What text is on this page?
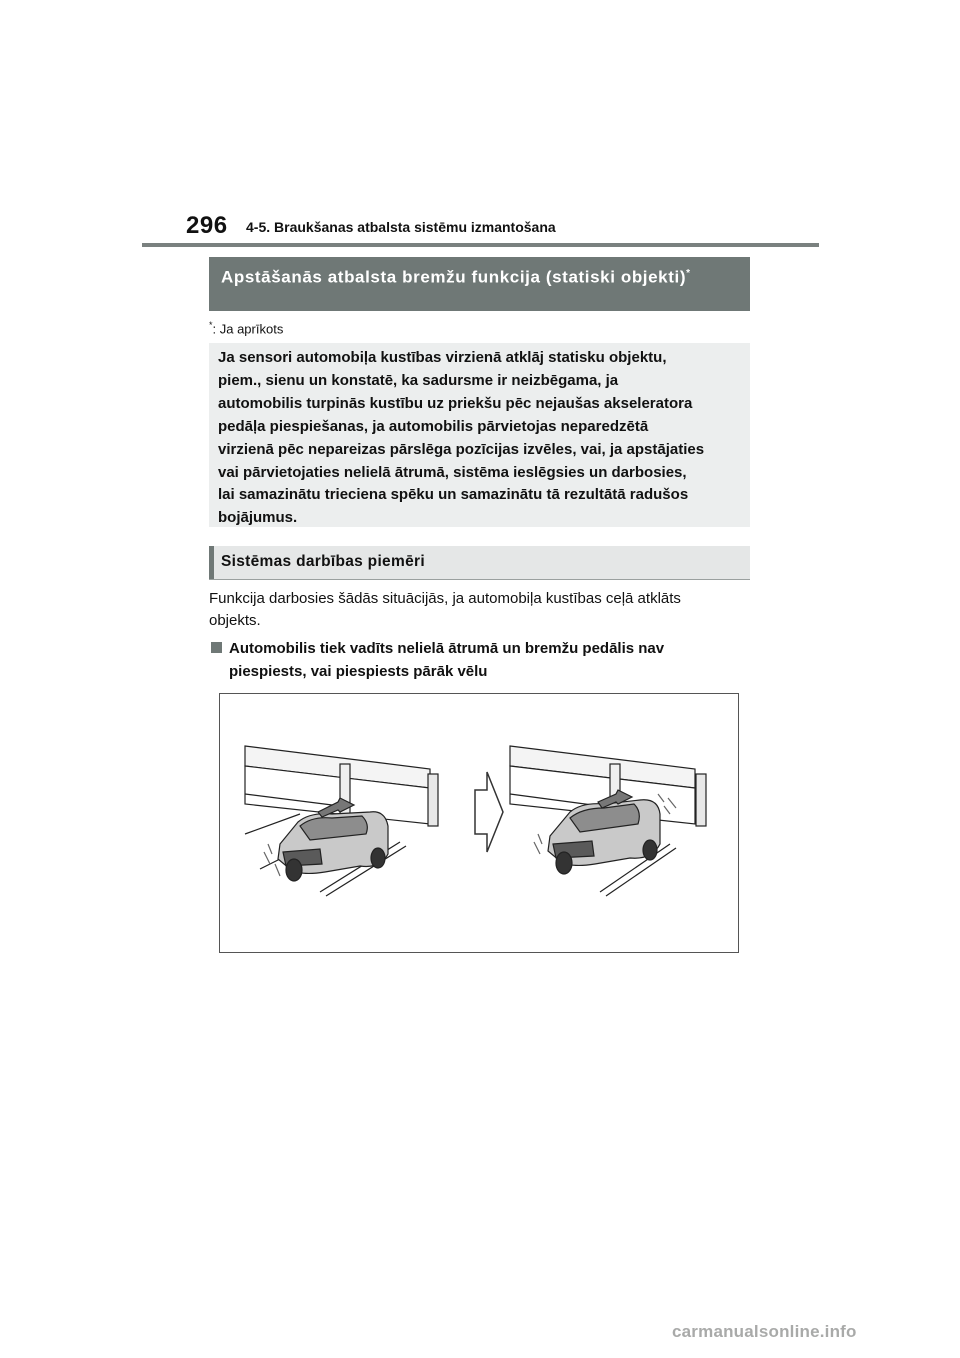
296 4-5. Braukšanas atbalsta sistēmu izmantošana
Apstāšanās atbalsta bremžu funkcija (statiski objekti)*
*: Ja aprīkots
Ja sensori automobiļa kustības virzienā atklāj statisku objektu,
piem., sienu un konstatē, ka sadursme ir neizbēgama, ja
automobilis turpinās kustību uz priekšu pēc nejaušas akseleratora
pedāļa piespiešanas, ja automobilis pārvietojas neparedzētā
virzienā pēc nepareizas pārslēga pozīcijas izvēles, vai, ja apstājaties
vai pārvietojaties nelielā ātrumā, sistēma ieslēgsies un darbosies,
lai samazinātu trieciena spēku un samazinātu tā rezultātā radušos
bojājumus.
Sistēmas darbības piemēri
Funkcija darbosies šādās situācijās, ja automobiļa kustības ceļā atklāts
objekts.
Automobilis tiek vadīts nelielā ātrumā un bremžu pedālis nav
piespiests, vai piespiests pārāk vēlu
carmanualsonline.info
